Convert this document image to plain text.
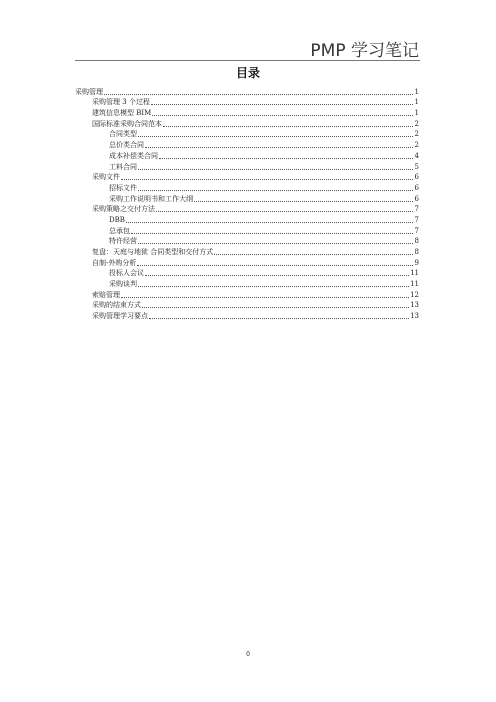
PMP 学习笔记
目录
采购管理	1
采购管理 3 个过程	1
建筑信息模型 BIM	1
国际标准采购合同范本	2
合同类型	2
总价类合同	2
成本补偿类合同	4
工料合同	5
采购文件	6
招标文件	6
采购工作说明书和工作大纲	6
采购策略之交付方法	7
DBB	7
总承包	7
特许经营	8
复盘：天庭与地狱 合同类型和交付方式	8
自制-外购分析	9
投标人会议	11
采购谈判	11
索赔管理	12
采购的结束方式	13
采购管理学习要点	13
0
